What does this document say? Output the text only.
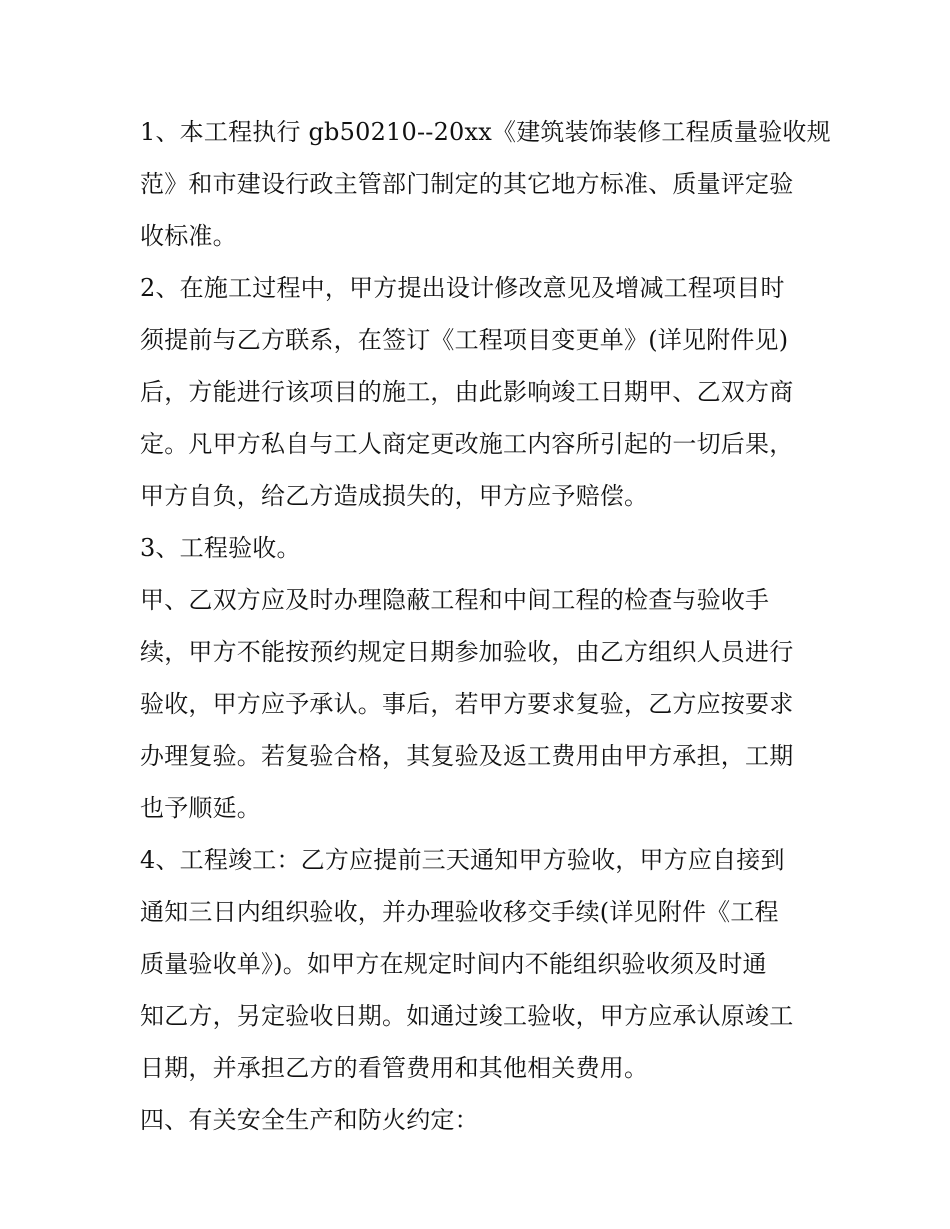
1、本工程执行 gb50210--20xx《建筑装饰装修工程质量验收规
范》和市建设行政主管部门制定的其它地方标准、质量评定验
收标准。
2、在施工过程中，甲方提出设计修改意见及增减工程项目时
须提前与乙方联系，在签订《工程项目变更单》(详见附件见)
后，方能进行该项目的施工，由此影响竣工日期甲、乙双方商
定。凡甲方私自与工人商定更改施工内容所引起的一切后果，
甲方自负，给乙方造成损失的，甲方应予赔偿。
3、工程验收。
甲、乙双方应及时办理隐蔽工程和中间工程的检查与验收手
续，甲方不能按预约规定日期参加验收，由乙方组织人员进行
验收，甲方应予承认。事后，若甲方要求复验，乙方应按要求
办理复验。若复验合格，其复验及返工费用由甲方承担，工期
也予顺延。
4、工程竣工：乙方应提前三天通知甲方验收，甲方应自接到
通知三日内组织验收，并办理验收移交手续(详见附件《工程
质量验收单》)。如甲方在规定时间内不能组织验收须及时通
知乙方，另定验收日期。如通过竣工验收，甲方应承认原竣工
日期，并承担乙方的看管费用和其他相关费用。
四、有关安全生产和防火约定：
